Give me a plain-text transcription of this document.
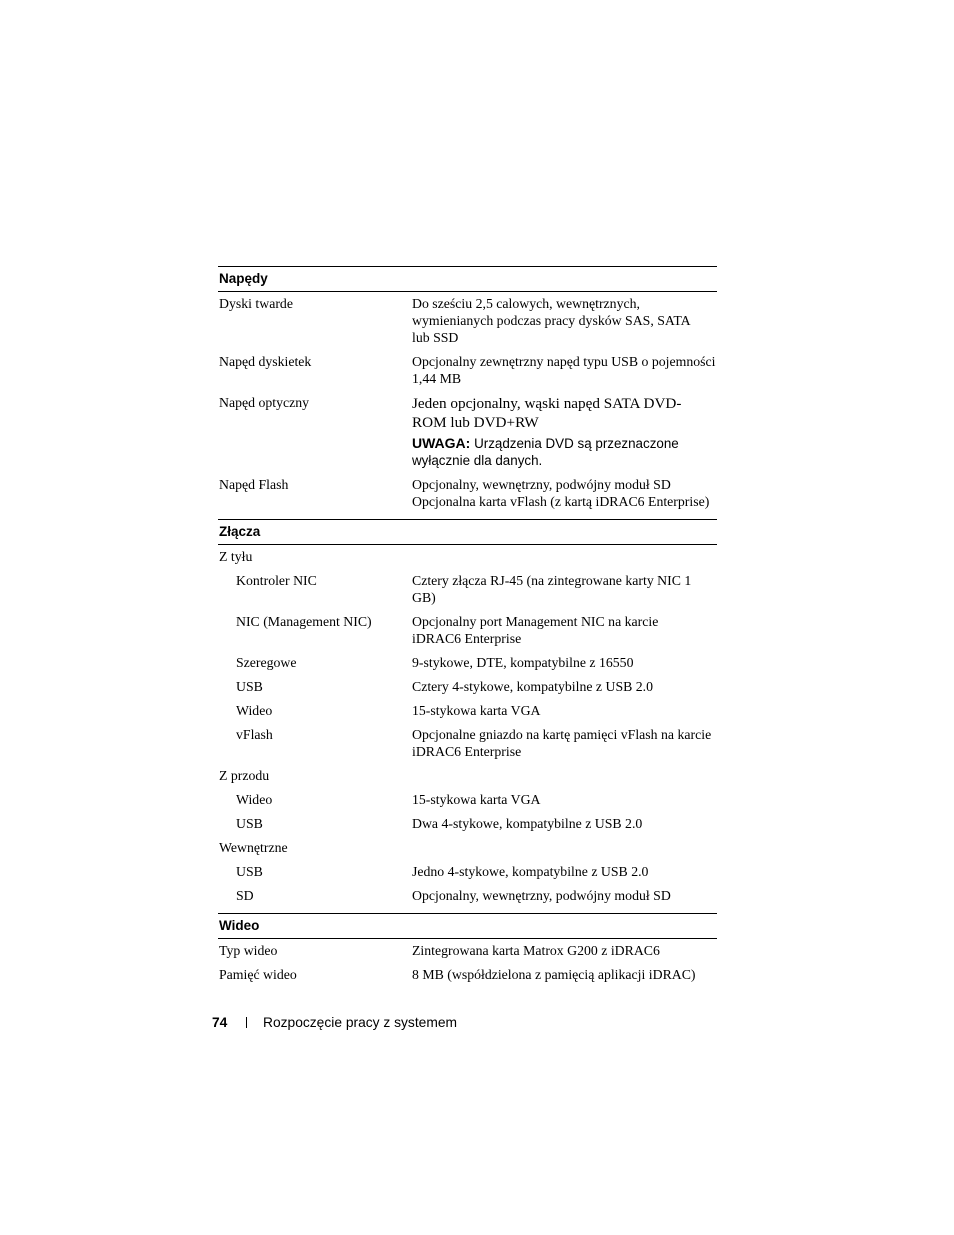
Napędy
Dyski twarde	Do sześciu 2,5 calowych, wewnętrznych,
wymienianych podczas pracy dysków SAS, SATA
lub SSD
Napęd dyskietek	Opcjonalny zewnętrzny napęd typu USB o pojemności
1,44 MB
Napęd optyczny	Jeden opcjonalny, wąski napęd SATA DVD-
ROM lub DVD+RW
UWAGA: Urządzenia DVD są przeznaczone
wyłącznie dla danych.
Napęd Flash	Opcjonalny, wewnętrzny, podwójny moduł SD
Opcjonalna karta vFlash (z kartą iDRAC6 Enterprise)
Złącza
Z tyłu
Kontroler NIC	Cztery złącza RJ-45 (na zintegrowane karty NIC 1 GB)
NIC (Management NIC)	Opcjonalny port Management NIC na karcie
iDRAC6 Enterprise
Szeregowe	9-stykowe, DTE, kompatybilne z 16550
USB	Cztery 4-stykowe, kompatybilne z USB 2.0
Wideo	15-stykowa karta VGA
vFlash	Opcjonalne gniazdo na kartę pamięci vFlash na karcie
iDRAC6 Enterprise
Z przodu
Wideo	15-stykowa karta VGA
USB	Dwa 4-stykowe, kompatybilne z USB 2.0
Wewnętrzne
USB	Jedno 4-stykowe, kompatybilne z USB 2.0
SD	Opcjonalny, wewnętrzny, podwójny moduł SD
Wideo
Typ wideo	Zintegrowana karta Matrox G200 z iDRAC6
Pamięć wideo	8 MB (współdzielona z pamięcią aplikacji iDRAC)
74	Rozpoczęcie pracy z systemem
